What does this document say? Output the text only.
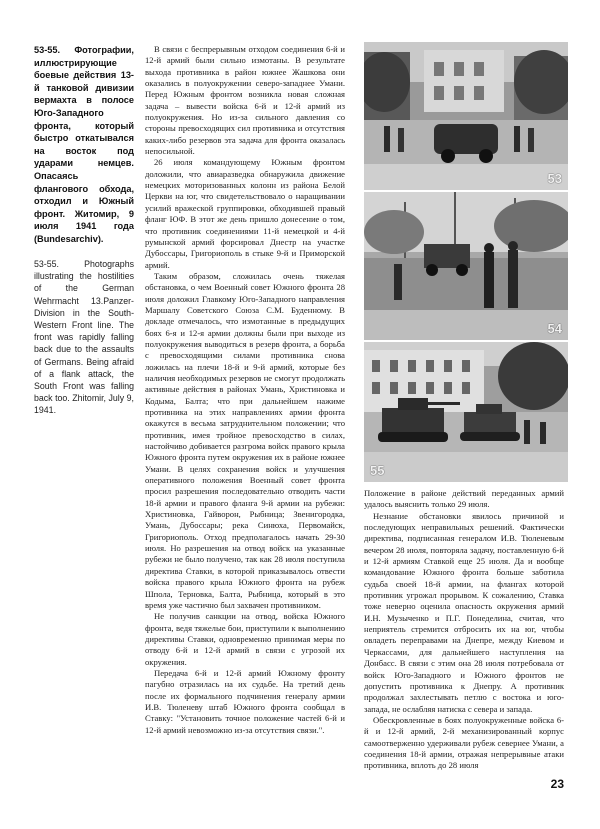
53-55. Фотографии, иллюстрирующие боевые действия 13-й танковой дивизии вермахта в полосе Юго-Западного фронта, который быстро откатывался на восток под ударами немцев. Опасаясь флангового обхода, отходил и Южный фронт. Житомир, 9 июля 1941 года (Bundesarchiv).
53-55. Photographs illustrating the hostilities of the German Wehrmacht 13.Panzer-Division in the South-Western Front line. The front was rapidly falling back due to the assaults of Germans. Being afraid of a flank attack, the South Front was falling back too. Zhitomir, July 9, 1941.

В связи с беспрерывным отходом соединения 6-й и 12-й армий были сильно измотаны. В результате выхода противника в район южнее Жашкова они оказались в полуокружении северо-западнее Умани. Перед Южным фронтом возникла новая сложная задача – вывести войска 6-й и 12-й армий из полуокружения. Но из-за сильного давления со стороны превосходящих сил противника и отсутствия каких-либо резервов эта задача для фронта оказалась непосильной.

26 июля командующему Южным фронтом доложили, что авиаразведка обнаружила движение немецких моторизованных колонн из района Белой Церкви на юг, что свидетельствовало о наращивании усилий вражеской группировки, обходившей правый фланг ЮФ. В этот же день пришло донесение о том, что противник соединениями 11-й немецкой и 4-й румынской армий форсировал Днестр на участке Дубоссары, Григориополь в стыке 9-й и Приморской армий.

Таким образом, сложилась очень тяжелая обстановка, о чем Военный совет Южного фронта 28 июля доложил Главкому Юго-Западного направления Маршалу Советского Союза С.М. Буденному. В докладе отмечалось, что измотанные в предыдущих боях 6-я и 12-я армии должны были при выходе из полуокружения выводиться в резерв фронта, а борьба с превосходящими силами противника снова ложилась на плечи 18-й и 9-й армий, которые без наличия необходимых резервов не смогут продолжать активные действия в районах Умань, Христиновка и Кодыма, Балта; что при дальнейшем нажиме противника на этих направлениях армии фронта окажутся в весьма затруднительном положении; что противник, имея тройное превосходство в силах, настойчиво добивается разгрома войск правого крыла Южного фронта путем окружения их в районе южнее Умани. В целях сохранения войск и улучшения оперативного положения Военный совет фронта просил разрешения последовательно отводить части 18-й армии и правого фланга 9-й армии на рубежи: Христиновка, Гайворон, Рыбница; Звенигородка, Умань, Дубоссары; река Синюха, Первомайск, Григориополь. Отход предполагалось начать 29-30 июля. Но разрешения на отвод войск на указанные рубежи не было получено, так как 28 июля поступила директива Ставки, в которой приказывалось отвести войска правого крыла Южного фронта на рубеж Шпола, Терновка, Балта, Рыбница, который в это время уже частично был захвачен противником.

Не получив санкции на отвод, войска Южного фронта, ведя тяжелые бои, приступили к выполнению директивы Ставки, одновременно принимая меры по отводу 6-й и 12-й армий в связи с угрозой их окружения.

Передача 6-й и 12-й армий Южному фронту пагубно отразилась на их судьбе. На третий день после их формального подчинения генералу армии И.В. Тюленеву штаб Южного фронта сообщал в Ставку: "Установить точное положение частей 6-й и 12-й армий невозможно из-за отсутствия связи.".

53
54
55

Положение в районе действий переданных армий удалось выяснить только 29 июля.

Незнание обстановки явилось причиной и последующих неправильных решений. Фактически директива, подписанная генералом И.В. Тюленевым вечером 28 июля, повторяла задачу, поставленную 6-й и 12-й армиям Ставкой еще 25 июля. Да и вообще командование Южного фронта больше заботила судьба своей 18-й армии, на флангах которой противник угрожал прорывом. К сожалению, Ставка тоже неверно оценила опасность окружения армий И.Н. Музыченко и П.Г. Понеделина, считая, что неприятель стремится отбросить их на юг, чтобы овладеть переправами на Днепре, между Киевом и Черкассами, для дальнейшего наступления на Донбасс. В связи с этим она 28 июля потребовала от войск Юго-Западного и Южного фронтов не допустить противника к Днепру. А противник продолжал захлестывать петлю с востока и юго-запада, не ослабляя натиска с севера и запада.

Обескровленные в боях полуокруженные войска 6-й и 12-й армий, 2-й механизированный корпус самоотверженно удерживали рубеж севернее Умани, а соединения 18-й армии, отражая непрерывные атаки противника, вплоть до 28 июля

23
